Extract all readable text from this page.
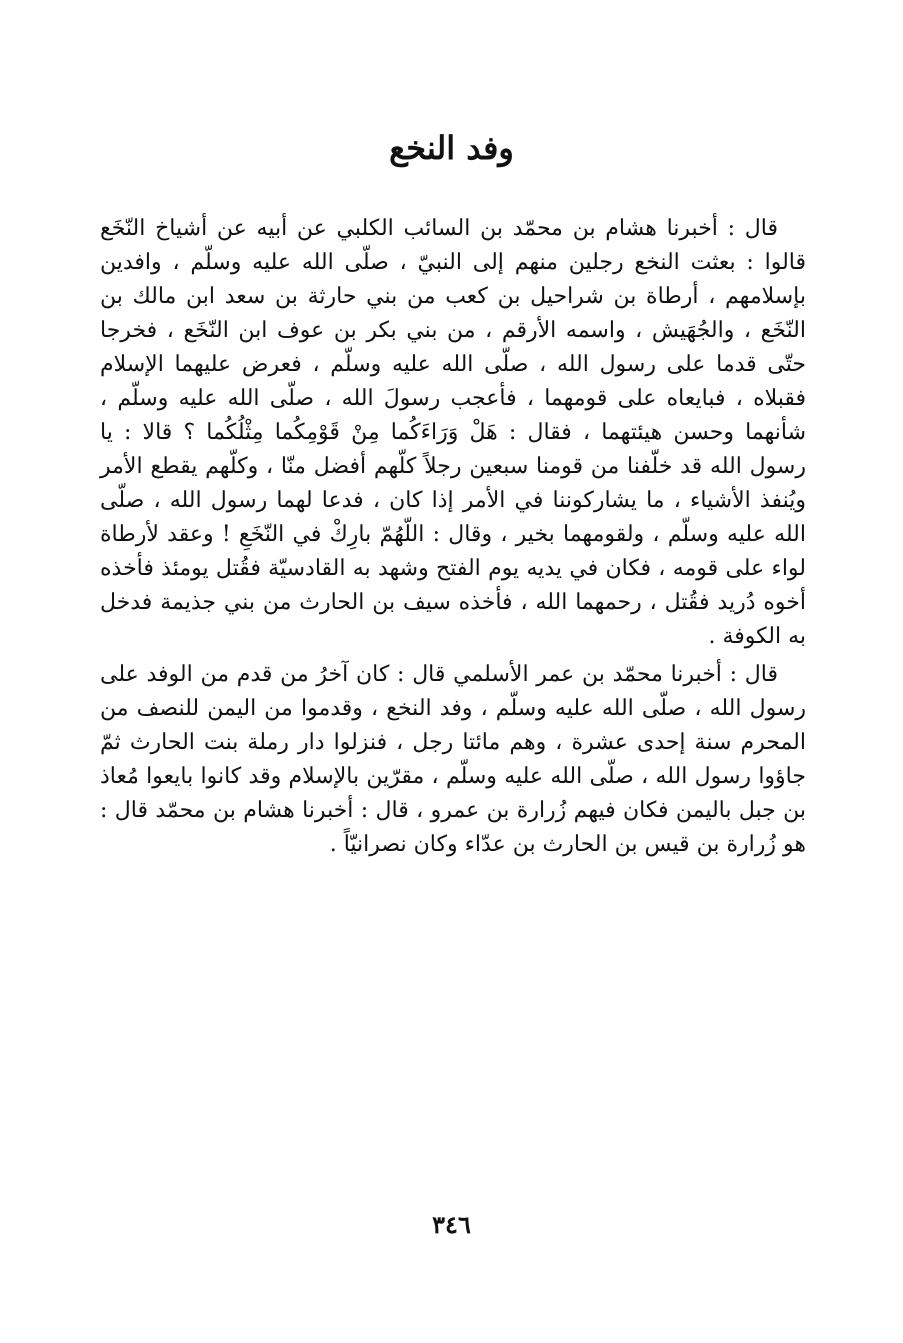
وفد النخع

قال : أخبرنا هشام بن محمّد بن السائب الكلبي عن أبيه عن أشياخ النّخَع قالوا : بعثت النخع رجلين منهم إلى النبيّ ، صلّى الله عليه وسلّم ، وافدين بإسلامهم ، أرطاة بن شراحيل بن كعب من بني حارثة بن سعد ابن مالك بن النّخَع ، والجُهَيش ، واسمه الأرقم ، من بني بكر بن عوف ابن النّخَع ، فخرجا حتّى قدما على رسول الله ، صلّى الله عليه وسلّم ، فعرض عليهما الإسلام فقبلاه ، فبايعاه على قومهما ، فأعجب رسولَ الله ، صلّى الله عليه وسلّم ، شأنهما وحسن هيئتهما ، فقال : هَلْ وَرَاءَكُما مِنْ قَوْمِكُما مِثْلُكُما ؟ قالا : يا رسول الله قد خلّفنا من قومنا سبعين رجلاً كلّهم أفضل منّا ، وكلّهم يقطع الأمر ويُنفذ الأشياء ، ما يشاركوننا في الأمر إذا كان ، فدعا لهما رسول الله ، صلّى الله عليه وسلّم ، ولقومهما بخير ، وقال : اللّهُمّ بارِكْ في النّخَعِ ! وعقد لأرطاة لواء على قومه ، فكان في يديه يوم الفتح وشهد به القادسيّة فقُتل يومئذ فأخذه أخوه دُريد فقُتل ، رحمهما الله ، فأخذه سيف بن الحارث من بني جذيمة فدخل به الكوفة .

قال : أخبرنا محمّد بن عمر الأسلمي قال : كان آخرُ من قدم من الوفد على رسول الله ، صلّى الله عليه وسلّم ، وفد النخع ، وقدموا من اليمن للنصف من المحرم سنة إحدى عشرة ، وهم مائتا رجل ، فنزلوا دار رملة بنت الحارث ثمّ جاؤوا رسول الله ، صلّى الله عليه وسلّم ، مقرّين بالإسلام وقد كانوا بايعوا مُعاذ بن جبل باليمن فكان فيهم زُرارة بن عمرو ، قال : أخبرنا هشام بن محمّد قال : هو زُرارة بن قيس بن الحارث بن عدّاء وكان نصرانيّاً .

٣٤٦
